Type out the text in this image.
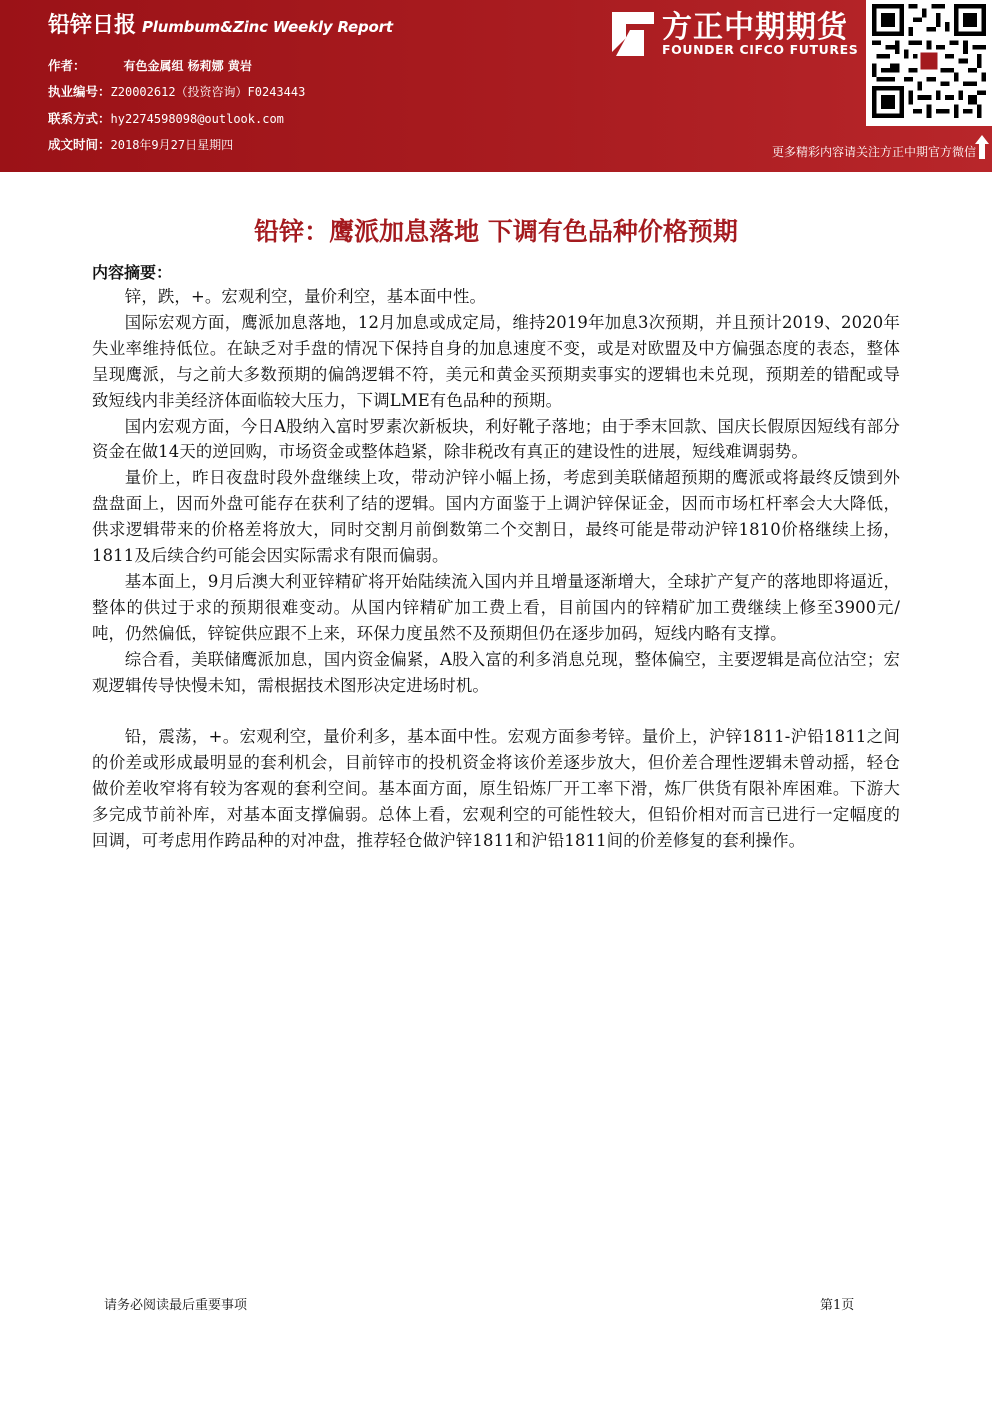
铅锌日报 Plumbum&Zinc Weekly Report
作者：	有色金属组 杨莉娜 黄岩
执业编号：Z20002612（投资咨询）F0243443
联系方式：hy2274598098@outlook.com
成文时间：2018年9月27日星期四
方正中期期货
FOUNDER CIFCO FUTURES
更多精彩内容请关注方正中期官方微信
铅锌：鹰派加息落地 下调有色品种价格预期
内容摘要：

锌，跌，+。宏观利空，量价利空，基本面中性。

国际宏观方面，鹰派加息落地，12月加息或成定局，维持2019年加息3次预期，并且预计2019、2020年失业率维持低位。在缺乏对手盘的情况下保持自身的加息速度不变，或是对欧盟及中方偏强态度的表态，整体呈现鹰派，与之前大多数预期的偏鸽逻辑不符，美元和黄金买预期卖事实的逻辑也未兑现，预期差的错配或导致短线内非美经济体面临较大压力，下调LME有色品种的预期。

国内宏观方面，今日A股纳入富时罗素次新板块，利好靴子落地；由于季末回款、国庆长假原因短线有部分资金在做14天的逆回购，市场资金或整体趋紧，除非税改有真正的建设性的进展，短线难调弱势。

量价上，昨日夜盘时段外盘继续上攻，带动沪锌小幅上扬，考虑到美联储超预期的鹰派或将最终反馈到外盘盘面上，因而外盘可能存在获利了结的逻辑。国内方面鉴于上调沪锌保证金，因而市场杠杆率会大大降低，供求逻辑带来的价格差将放大，同时交割月前倒数第二个交割日，最终可能是带动沪锌1810价格继续上扬，1811及后续合约可能会因实际需求有限而偏弱。

基本面上，9月后澳大利亚锌精矿将开始陆续流入国内并且增量逐渐增大，全球扩产复产的落地即将逼近，整体的供过于求的预期很难变动。从国内锌精矿加工费上看，目前国内的锌精矿加工费继续上修至3900元/吨，仍然偏低，锌锭供应跟不上来，环保力度虽然不及预期但仍在逐步加码，短线内略有支撑。

综合看，美联储鹰派加息，国内资金偏紧，A股入富的利多消息兑现，整体偏空，主要逻辑是高位沽空；宏观逻辑传导快慢未知，需根据技术图形决定进场时机。

铅，震荡，+。宏观利空，量价利多，基本面中性。宏观方面参考锌。量价上，沪锌1811-沪铅1811之间的价差或形成最明显的套利机会，目前锌市的投机资金将该价差逐步放大，但价差合理性逻辑未曾动摇，轻仓做价差收窄将有较为客观的套利空间。基本面方面，原生铅炼厂开工率下滑，炼厂供货有限补库困难。下游大多完成节前补库，对基本面支撑偏弱。总体上看，宏观利空的可能性较大，但铅价相对而言已进行一定幅度的回调，可考虑用作跨品种的对冲盘，推荐轻仓做沪锌1811和沪铅1811间的价差修复的套利操作。

请务必阅读最后重要事项	第1页
